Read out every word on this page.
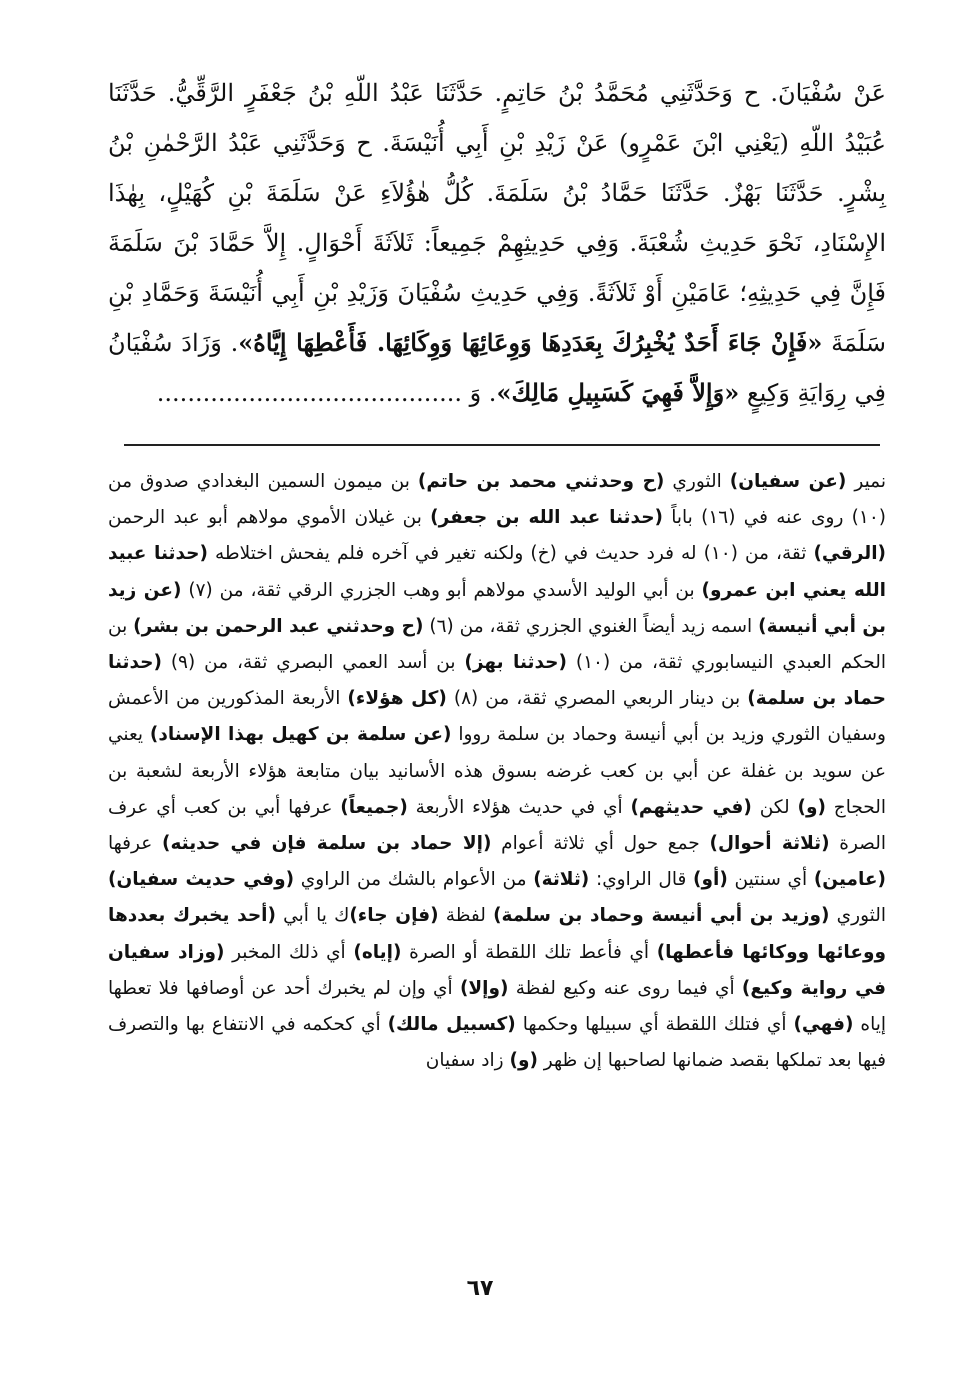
عَنْ سُفْيَانَ. ح وَحَدَّثَنِي مُحَمَّدُ بْنُ حَاتِمٍ. حَدَّثَنَا عَبْدُ اللّهِ بْنُ جَعْفَرٍ الرَّقِّيُّ. حَدَّثَنَا عُبَيْدُ اللّهِ (يَعْنِي ابْنَ عَمْرٍو) عَنْ زَيْدِ بْنِ أَبِي أُنَيْسَةَ. ح وَحَدَّثَنِي عَبْدُ الرَّحْمٰنِ بْنُ بِشْرٍ. حَدَّثَنَا بَهْزٌ. حَدَّثَنَا حَمَّادُ بْنُ سَلَمَةَ. كُلُّ هٰؤُلاَءِ عَنْ سَلَمَةَ بْنِ كُهَيْلٍ، بِهٰذَا الإِسْنَادِ، نَحْوَ حَدِيثِ شُعْبَةَ. وَفِي حَدِيثِهِمْ جَمِيعاً: ثَلاَثَةَ أَحْوَالٍ. إِلاَّ حَمَّادَ بْنَ سَلَمَةَ فَإِنَّ فِي حَدِيثِهِ؛ عَامَيْنِ أَوْ ثَلاَثَةً. وَفِي حَدِيثِ سُفْيَانَ وَزَيْدِ بْنِ أَبِي أُنَيْسَةَ وَحَمَّادِ بْنِ سَلَمَةَ «فَإِنْ جَاءَ أَحَدٌ يُخْبِرُكَ بِعَدَدِهَا وَوِعَائِهَا وَوِكَائِهَا. فَأَعْطِهَا إِيَّاهُ». وَزَادَ سُفْيَانُ فِي رِوَايَةِ وَكِيعٍ «وَإِلاَّ فَهِيَ كَسَبِيلِ مَالِكَ». وَ ........................................
نمير (عن سفيان) الثوري (ح وحدثني محمد بن حاتم) بن ميمون السمين البغدادي صدوق من (١٠) روى عنه في (١٦) باباً (حدثنا عبد الله بن جعفر) بن غيلان الأموي مولاهم أبو عبد الرحمن (الرقي) ثقة، من (١٠) له فرد حديث في (خ) ولكنه تغير في آخره فلم يفحش اختلاطه (حدثنا عبيد الله يعني ابن عمرو) بن أبي الوليد الأسدي مولاهم أبو وهب الجزري الرقي ثقة، من (٧) (عن زيد بن أبي أنيسة) اسمه زيد أيضاً الغنوي الجزري ثقة، من (٦) (ح وحدثني عبد الرحمن بن بشر) بن الحكم العبدي النيسابوري ثقة، من (١٠) (حدثنا بهز) بن أسد العمي البصري ثقة، من (٩) (حدثنا حماد بن سلمة) بن دينار الربعي المصري ثقة، من (٨) (كل هؤلاء) الأربعة المذكورين من الأعمش وسفيان الثوري وزيد بن أبي أنيسة وحماد بن سلمة رووا (عن سلمة بن كهيل بهذا الإسناد) يعني عن سويد بن غفلة عن أبي بن كعب غرضه بسوق هذه الأسانيد بيان متابعة هؤلاء الأربعة لشعبة بن الحجاج (و) لكن (في حديثهم) أي في حديث هؤلاء الأربعة (جميعاً) عرفها أبي بن كعب أي عرف الصرة (ثلاثة أحوال) جمع حول أي ثلاثة أعوام (إلا حماد بن سلمة فإن في حديثه) عرفها (عامين) أي سنتين (أو) قال الراوي: (ثلاثة) من الأعوام بالشك من الراوي (وفي حديث سفيان) الثوري (وزيد بن أبي أنيسة وحماد بن سلمة) لفظة (فإن جاء)ك يا أبي (أحد يخبرك بعددها ووعائها ووكائها فأعطها) أي فأعط تلك اللقطة أو الصرة (إياه) أي ذلك المخبر (وزاد سفيان في رواية وكيع) أي فيما روى عنه وكيع لفظة (وإلا) أي وإن لم يخبرك أحد عن أوصافها فلا تعطها إياه (فهي) أي فتلك اللقطة أي سبيلها وحكمها (كسبيل مالك) أي كحكمه في الانتفاع بها والتصرف فيها بعد تملكها بقصد ضمانها لصاحبها إن ظهر (و) زاد سفيان
٦٧
